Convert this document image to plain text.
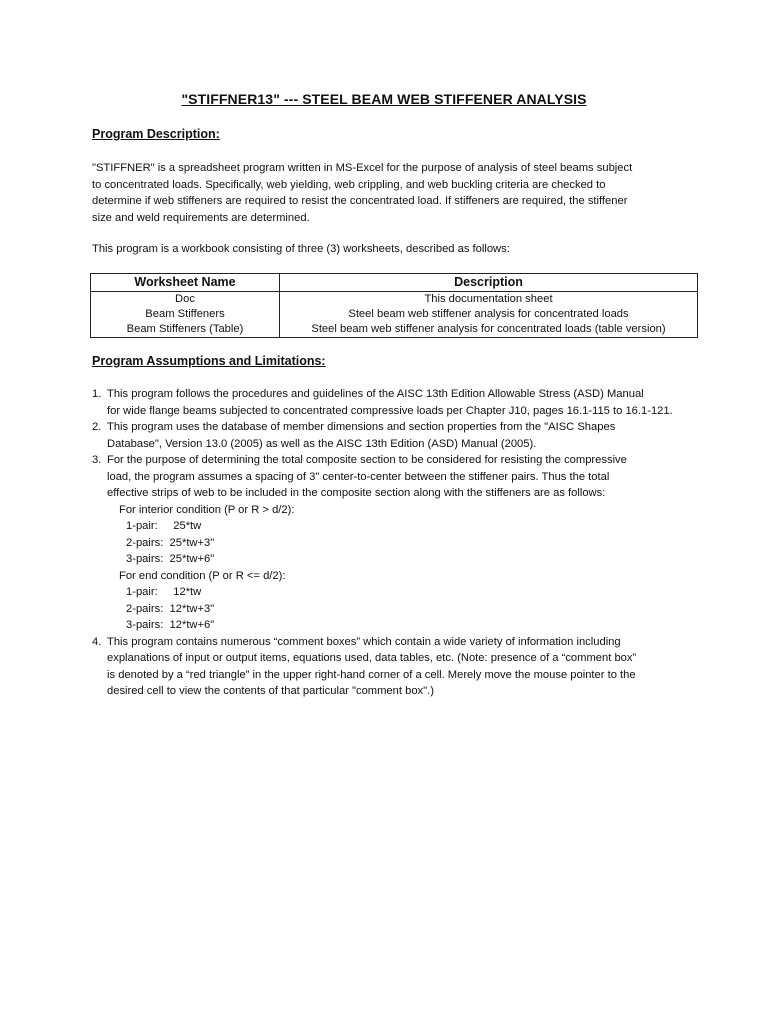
"STIFFNER13" --- STEEL BEAM WEB STIFFENER ANALYSIS
Program Description:
"STIFFNER" is a spreadsheet program written in MS-Excel for the purpose of analysis of steel beams subject
to concentrated loads. Specifically, web yielding, web crippling, and web buckling criteria are checked to
determine if web stiffeners are required to resist the concentrated load. If stiffeners are required, the stiffener
size and weld requirements are determined.
This program is a workbook consisting of three (3) worksheets, described as follows:
Worksheet Name	Description
Doc	This documentation sheet
Beam Stiffeners	Steel beam web stiffener analysis for concentrated loads
Beam Stiffeners (Table)	Steel beam web stiffener analysis for concentrated loads (table version)
Program Assumptions and Limitations:
1. This program follows the procedures and guidelines of the AISC 13th Edition Allowable Stress (ASD) Manual
for wide flange beams subjected to concentrated compressive loads per Chapter J10, pages 16.1-115 to 16.1-121.
2. This program uses the database of member dimensions and section properties from the "AISC Shapes
Database", Version 13.0 (2005) as well as the AISC 13th Edition (ASD) Manual (2005).
3. For the purpose of determining the total composite section to be considered for resisting the compressive
load, the program assumes a spacing of 3" center-to-center between the stiffener pairs. Thus the total
effective strips of web to be included in the composite section along with the stiffeners are as follows:
For interior condition (P or R > d/2):
1-pair:     25*tw
2-pairs:  25*tw+3"
3-pairs:  25*tw+6"
For end condition (P or R <= d/2):
1-pair:     12*tw
2-pairs:  12*tw+3"
3-pairs:  12*tw+6"
4. This program contains numerous “comment boxes” which contain a wide variety of information including
explanations of input or output items, equations used, data tables, etc. (Note: presence of a “comment box”
is denoted by a “red triangle” in the upper right-hand corner of a cell. Merely move the mouse pointer to the
desired cell to view the contents of that particular "comment box".)
